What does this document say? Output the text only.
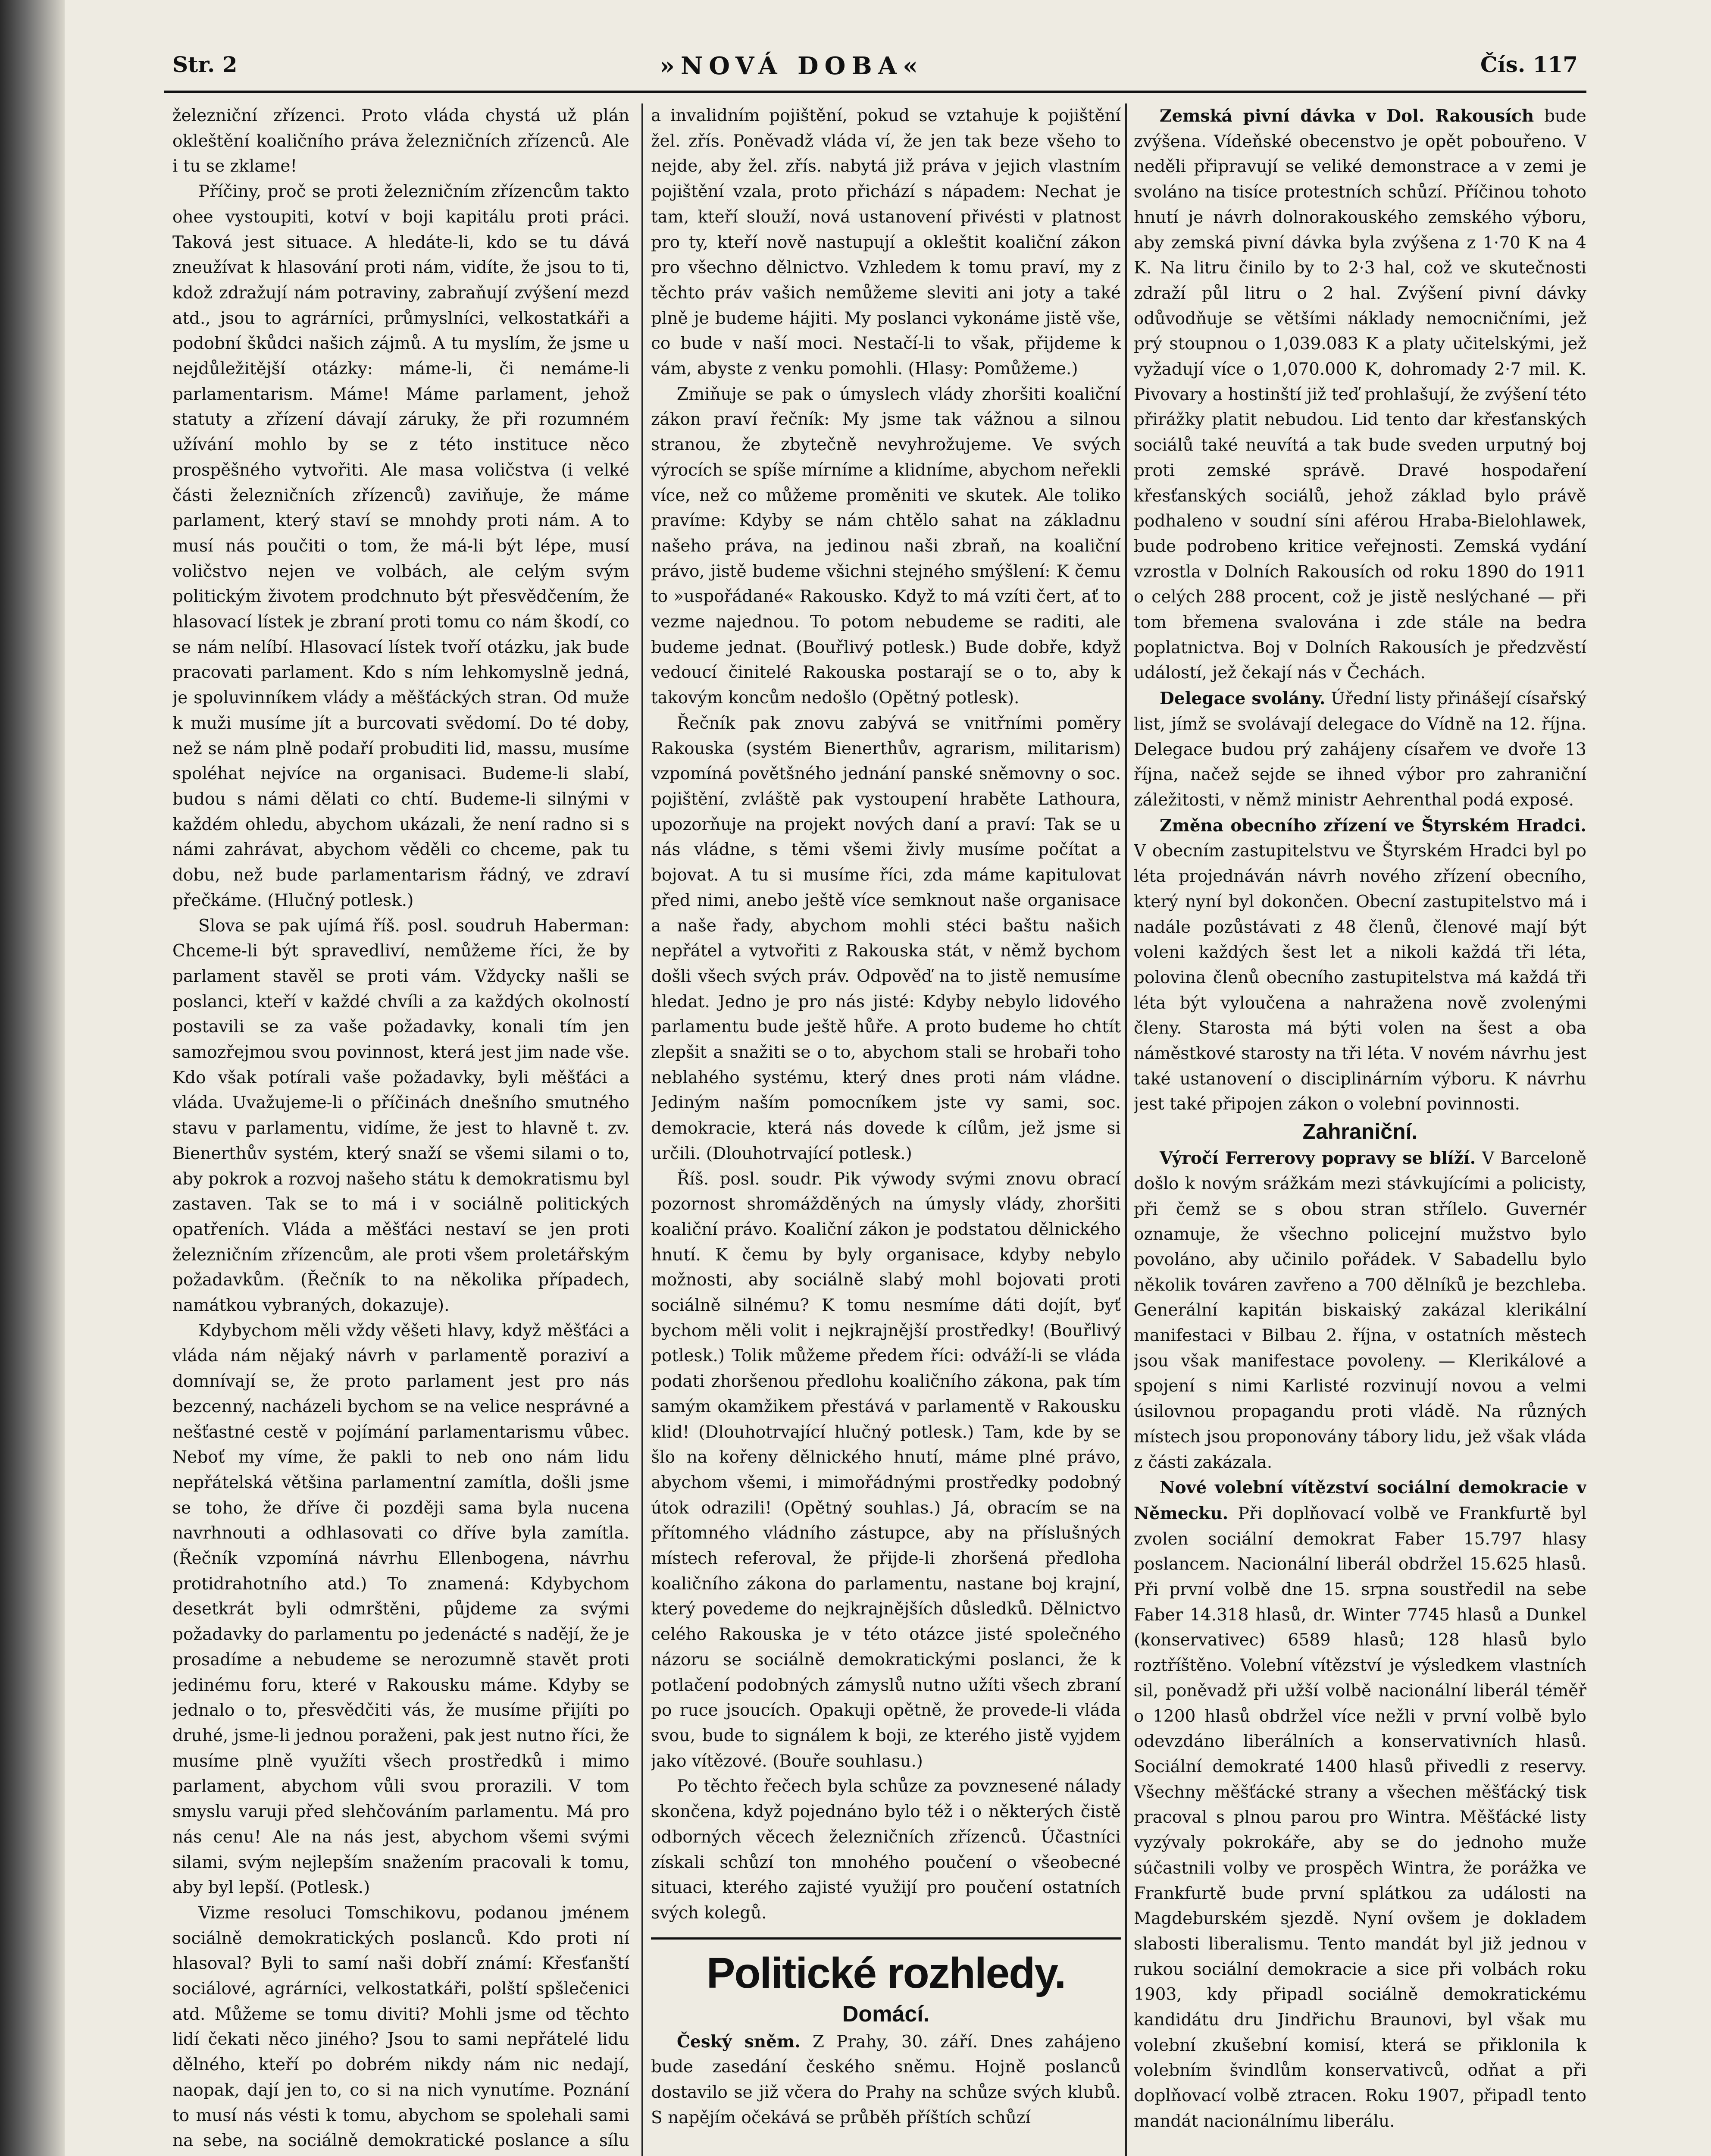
Str. 2	»NOVÁ DOBA«	Čís. 117

železniční zřízenci. Proto vláda chystá už plán okleštění koaličního práva železničních zřízenců. Ale i tu se zklame!

Příčiny, proč se proti železničním zřízencům takto ohee vystoupiti, kotví v boji kapitálu proti práci. Taková jest situace. A hledáte-li, kdo se tu dává zneužívat k hlasování proti nám, vidíte, že jsou to ti, kdož zdražují nám potraviny, zabraňují zvýšení mezd atd., jsou to agrárníci, průmyslníci, velkostatkáři a podobní škůdci našich zájmů. A tu myslím, že jsme u nejdůležitější otázky: máme-li, či nemáme-li parlamentarism. Máme! Máme parlament, jehož statuty a zřízení dávají záruky, že při rozumném užívání mohlo by se z této instituce něco prospěšného vytvořiti. Ale masa voličstva (i velké části železničních zřízenců) zaviňuje, že máme parlament, který staví se mnohdy proti nám. A to musí nás poučiti o tom, že má-li být lépe, musí voličstvo nejen ve volbách, ale celým svým politickým životem prodchnuto být přesvědčením, že hlasovací lístek je zbraní proti tomu co nám škodí, co se nám nelíbí. Hlasovací lístek tvoří otázku, jak bude pracovati parlament. Kdo s ním lehkomyslně jedná, je spoluvinníkem vlády a měšťáckých stran. Od muže k muži musíme jít a burcovati svědomí. Do té doby, než se nám plně podaří probuditi lid, massu, musíme spoléhat nejvíce na organisaci. Budeme-li slabí, budou s námi dělati co chtí. Budeme-li silnými v každém ohledu, abychom ukázali, že není radno si s námi zahrávat, abychom věděli co chceme, pak tu dobu, než bude parlamentarism řádný, ve zdraví přečkáme. (Hlučný potlesk.)

Slova se pak ujímá říš. posl. soudruh Haberman: Chceme-li být spravedliví, nemůžeme říci, že by parlament stavěl se proti vám. Vždycky našli se poslanci, kteří v každé chvíli a za každých okolností postavili se za vaše požadavky, konali tím jen samozřejmou svou povinnost, která jest jim nade vše. Kdo však potírali vaše požadavky, byli měšťáci a vláda. Uvažujeme-li o příčinách dnešního smutného stavu v parlamentu, vidíme, že jest to hlavně t. zv. Bienerthův systém, který snaží se všemi silami o to, aby pokrok a rozvoj našeho státu k demokratismu byl zastaven. Tak se to má i v sociálně politických opatřeních. Vláda a měšťáci nestaví se jen proti železničním zřízencům, ale proti všem proletářským požadavkům. (Řečník to na několika případech, namátkou vybraných, dokazuje).

Kdybychom měli vždy věšeti hlavy, když měšťáci a vláda nám nějaký návrh v parlamentě poraziví a domnívají se, že proto parlament jest pro nás bezcenný, nacházeli bychom se na velice nesprávné a nešťastné cestě v pojímání parlamentarismu vůbec. Neboť my víme, že pakli to neb ono nám lidu nepřátelská většina parlamentní zamítla, došli jsme se toho, že dříve či později sama byla nucena navrhnouti a odhlasovati co dříve byla zamítla. (Řečník vzpomíná návrhu Ellenbogena, návrhu protidrahotního atd.) To znamená: Kdybychom desetkrát byli odmrštěni, půjdeme za svými požadavky do parlamentu po jedenácté s nadějí, že je prosadíme a nebudeme se nerozumně stavět proti jedinému foru, které v Rakousku máme. Kdyby se jednalo o to, přesvědčiti vás, že musíme přijíti po druhé, jsme-li jednou poraženi, pak jest nutno říci, že musíme plně využíti všech prostředků i mimo parlament, abychom vůli svou prorazili. V tom smyslu varuji před slehčováním parlamentu. Má pro nás cenu! Ale na nás jest, abychom všemi svými silami, svým nejlepším snažením pracovali k tomu, aby byl lepší. (Potlesk.)

Vizme resoluci Tomschikovu, podanou jménem sociálně demokratických poslanců. Kdo proti ní hlasoval? Byli to samí naši dobří známí: Křesťanští sociálové, agrárníci, velkostatkáři, polští spšlečenici atd. Můžeme se tomu diviti? Mohli jsme od těchto lidí čekati něco jiného? Jsou to sami nepřátelé lidu dělného, kteří po dobrém nikdy nám nic nedají, naopak, dají jen to, co si na nich vynutíme. Poznání to musí nás vésti k tomu, abychom se spolehali sami na sebe, na sociálně demokratické poslance a sílu

a invalidním pojištění, pokud se vztahuje k pojištění žel. zřís. Poněvadž vláda ví, že jen tak beze všeho to nejde, aby žel. zřís. nabytá již práva v jejich vlastním pojištění vzala, proto přichází s nápadem: Nechat je tam, kteří slouží, nová ustanovení přivésti v platnost pro ty, kteří nově nastupují a okleštit koaliční zákon pro všechno dělnictvo. Vzhledem k tomu praví, my z těchto práv vašich nemůžeme sleviti ani joty a také plně je budeme hájiti. My poslanci vykonáme jistě vše, co bude v naší moci. Nestačí-li to však, přijdeme k vám, abyste z venku pomohli. (Hlasy: Pomůžeme.)

Zmiňuje se pak o úmyslech vlády zhoršiti koaliční zákon praví řečník: My jsme tak vážnou a silnou stranou, že zbytečně nevyhrožujeme. Ve svých výrocích se spíše mírníme a klidníme, abychom neřekli více, než co můžeme proměniti ve skutek. Ale toliko pravíme: Kdyby se nám chtělo sahat na základnu našeho práva, na jedinou naši zbraň, na koaliční právo, jistě budeme všichni stejného smýšlení: K čemu to »uspořádané« Rakousko. Když to má vzíti čert, ať to vezme najednou. To potom nebudeme se raditi, ale budeme jednat. (Bouřlivý potlesk.) Bude dobře, když vedoucí činitelé Rakouska postarají se o to, aby k takovým koncům nedošlo (Opětný potlesk).

Řečník pak znovu zabývá se vnitřními poměry Rakouska (systém Bienerthův, agrarism, militarism) vzpomíná povětšného jednání panské sněmovny o soc. pojištění, zvláště pak vystoupení hraběte Lathoura, upozorňuje na projekt nových daní a praví: Tak se u nás vládne, s těmi všemi živly musíme počítat a bojovat. A tu si musíme říci, zda máme kapitulovat před nimi, anebo ještě více semknout naše organisace a naše řady, abychom mohli stéci baštu našich nepřátel a vytvořiti z Rakouska stát, v němž bychom došli všech svých práv. Odpověď na to jistě nemusíme hledat. Jedno je pro nás jisté: Kdyby nebylo lidového parlamentu bude ještě hůře. A proto budeme ho chtít zlepšit a snažiti se o to, abychom stali se hrobaři toho neblahého systému, který dnes proti nám vládne. Jediným naším pomocníkem jste vy sami, soc. demokracie, která nás dovede k cílům, jež jsme si určili. (Dlouhotrvající potlesk.)

Říš. posl. soudr. Pik výwody svými znovu obrací pozornost shromážděných na úmysly vlády, zhoršiti koaliční právo. Koaliční zákon je podstatou dělnického hnutí. K čemu by byly organisace, kdyby nebylo možnosti, aby sociálně slabý mohl bojovati proti sociálně silnému? K tomu nesmíme dáti dojít, byť bychom měli volit i nejkrajnější prostředky! (Bouřlivý potlesk.) Tolik můžeme předem říci: odváží-li se vláda podati zhoršenou předlohu koaličního zákona, pak tím samým okamžikem přestává v parlamentě v Rakousku klid! (Dlouhotrvající hlučný potlesk.) Tam, kde by se šlo na kořeny dělnického hnutí, máme plné právo, abychom všemi, i mimořádnými prostředky podobný útok odrazili! (Opětný souhlas.) Já, obracím se na přítomného vládního zástupce, aby na příslušných místech referoval, že přijde-li zhoršená předloha koaličního zákona do parlamentu, nastane boj krajní, který povedeme do nejkrajnějších důsledků. Dělnictvo celého Rakouska je v této otázce jisté společného názoru se sociálně demokratickými poslanci, že k potlačení podobných zámyslů nutno užíti všech zbraní po ruce jsoucích. Opakuji opětně, že provede-li vláda svou, bude to signálem k boji, ze kterého jistě vyjdem jako vítězové. (Bouře souhlasu.)

Po těchto řečech byla schůze za povznesené nálady skončena, když pojednáno bylo též i o některých čistě odborných věcech železničních zřízenců. Účastníci získali schůzí ton mnohého poučení o všeobecné situaci, kterého zajisté využijí pro poučení ostatních svých kolegů.

Politické rozhledy.
Domácí.

Český sněm. Z Prahy, 30. září. Dnes zahájeno bude zasedání českého sněmu. Hojně poslanců dostavilo se již včera do Prahy na schůze svých klubů. S napějím očekává se průběh příštích schůzí

Zemská pivní dávka v Dol. Rakousích bude zvýšena. Vídeňské obecenstvo je opět pobouřeno. V neděli připravují se veliké demonstrace a v zemi je svoláno na tisíce protestních schůzí. Příčinou tohoto hnutí je návrh dolnorakouského zemského výboru, aby zemská pivní dávka byla zvýšena z 1·70 K na 4 K. Na litru činilo by to 2·3 hal, což ve skutečnosti zdraží půl litru o 2 hal. Zvýšení pivní dávky odůvodňuje se většími náklady nemocničními, jež prý stoupnou o 1,039.083 K a platy učitelskými, jež vyžadují více o 1,070.000 K, dohromady 2·7 mil. K. Pivovary a hostinští již teď prohlašují, že zvýšení této přirážky platit nebudou. Lid tento dar křesťanských sociálů také neuvítá a tak bude sveden urputný boj proti zemské správě. Dravé hospodaření křesťanských sociálů, jehož základ bylo právě podhaleno v soudní síni aférou Hraba-Bielohlawek, bude podrobeno kritice veřejnosti. Zemská vydání vzrostla v Dolních Rakousích od roku 1890 do 1911 o celých 288 procent, což je jistě neslýchané — při tom břemena svalována i zde stále na bedra poplatnictva. Boj v Dolních Rakousích je předzvěstí událostí, jež čekají nás v Čechách.

Delegace svolány. Úřední listy přinášejí císařský list, jímž se svolávají delegace do Vídně na 12. října. Delegace budou prý zahájeny císařem ve dvoře 13 října, načež sejde se ihned výbor pro zahraniční záležitosti, v němž ministr Aehrenthal podá exposé.

Změna obecního zřízení ve Štyrském Hradci. V obecním zastupitelstvu ve Štyrském Hradci byl po léta projednáván návrh nového zřízení obecního, který nyní byl dokončen. Obecní zastupitelstvo má i nadále pozůstávati z 48 členů, členové mají být voleni každých šest let a nikoli každá tři léta, polovina členů obecního zastupitelstva má každá tři léta být vyloučena a nahražena nově zvolenými členy. Starosta má býti volen na šest a oba náměstkové starosty na tři léta. V novém návrhu jest také ustanovení o disciplinárním výboru. K návrhu jest také připojen zákon o volební povinnosti.

Zahraniční.

Výročí Ferrerovy popravy se blíží. V Barceloně došlo k novým srážkám mezi stávkujícími a policisty, při čemž se s obou stran střílelo. Guvernér oznamuje, že všechno policejní mužstvo bylo povoláno, aby učinilo pořádek. V Sabadellu bylo několik továren zavřeno a 700 dělníků je bezchleba. Generální kapitán biskaiský zakázal klerikální manifestaci v Bilbau 2. října, v ostatních městech jsou však manifestace povoleny. — Klerikálové a spojení s nimi Karlisté rozvinují novou a velmi úsilovnou propagandu proti vládě. Na různých místech jsou proponovány tábory lidu, jež však vláda z části zakázala.

Nové volební vítězství sociální demokracie v Německu. Při doplňovací volbě ve Frankfurtě byl zvolen sociální demokrat Faber 15.797 hlasy poslancem. Nacionální liberál obdržel 15.625 hlasů. Při první volbě dne 15. srpna soustředil na sebe Faber 14.318 hlasů, dr. Winter 7745 hlasů a Dunkel (konservativec) 6589 hlasů; 128 hlasů bylo roztříštěno. Volební vítězství je výsledkem vlastních sil, poněvadž při užší volbě nacionální liberál téměř o 1200 hlasů obdržel více nežli v první volbě bylo odevzdáno liberálních a konservativních hlasů. Sociální demokraté 1400 hlasů přivedli z reservy. Všechny měšťácké strany a všechen měšťácký tisk pracoval s plnou parou pro Wintra. Měšťácké listy vyzývaly pokrokáře, aby se do jednoho muže súčastnili volby ve prospěch Wintra, že porážka ve Frankfurtě bude první splátkou za události na Magdeburském sjezdě. Nyní ovšem je dokladem slabosti liberalismu. Tento mandát byl již jednou v rukou sociální demokracie a sice při volbách roku 1903, kdy připadl sociálně demokratickému kandidátu dru Jindřichu Braunovi, byl však mu volební zkušební komisí, která se přiklonila k volebním švindlům konservativců, odňat a při doplňovací volbě ztracen. Roku 1907, připadl tento mandát nacionálnímu liberálu.
